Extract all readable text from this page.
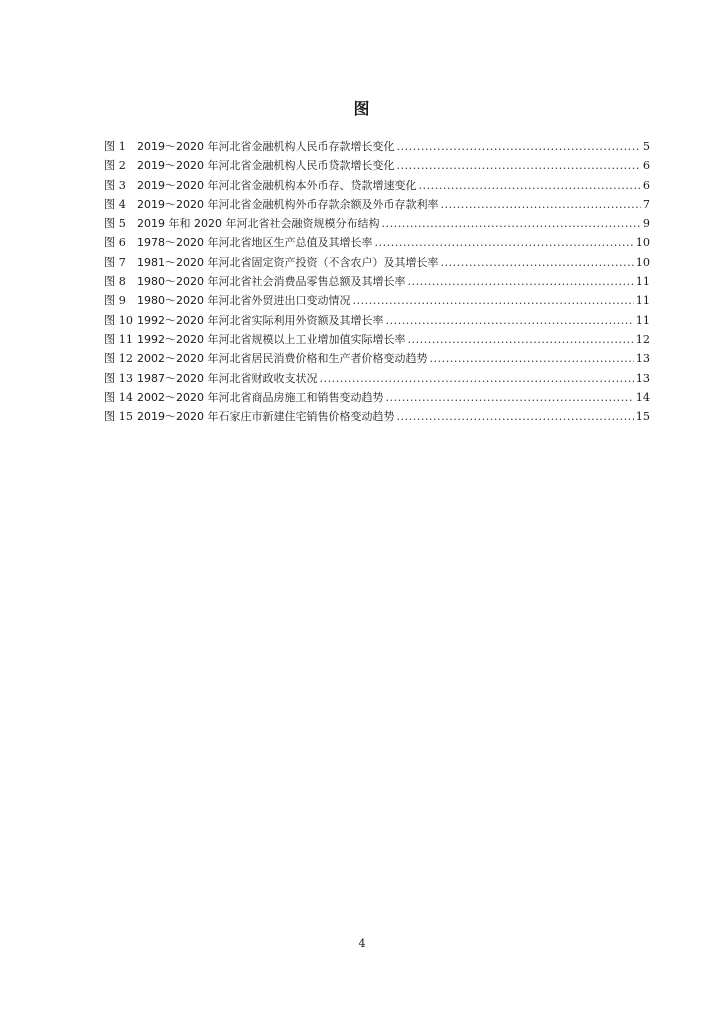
图
图 1	2019～2020 年河北省金融机构人民币存款增长变化 .....	5
图 2	2019～2020 年河北省金融机构人民币贷款增长变化 .....	6
图 3	2019～2020 年河北省金融机构本外币存、贷款增速变化 .....	6
图 4	2019～2020 年河北省金融机构外币存款余额及外币存款利率 .....	7
图 5	2019 年和 2020 年河北省社会融资规模分布结构 .....	9
图 6	1978～2020 年河北省地区生产总值及其增长率 .....	10
图 7	1981～2020 年河北省固定资产投资（不含农户）及其增长率 .....	10
图 8	1980～2020 年河北省社会消费品零售总额及其增长率 .....	11
图 9	1980～2020 年河北省外贸进出口变动情况 .....	11
图 10 1992～2020 年河北省实际利用外资额及其增长率 .....	11
图 11 1992～2020 年河北省规模以上工业增加值实际增长率 .....	12
图 12 2002～2020 年河北省居民消费价格和生产者价格变动趋势 .....	13
图 13 1987～2020 年河北省财政收支状况 .....	13
图 14 2002～2020 年河北省商品房施工和销售变动趋势 .....	14
图 15 2019～2020 年石家庄市新建住宅销售价格变动趋势 .....	15
4
